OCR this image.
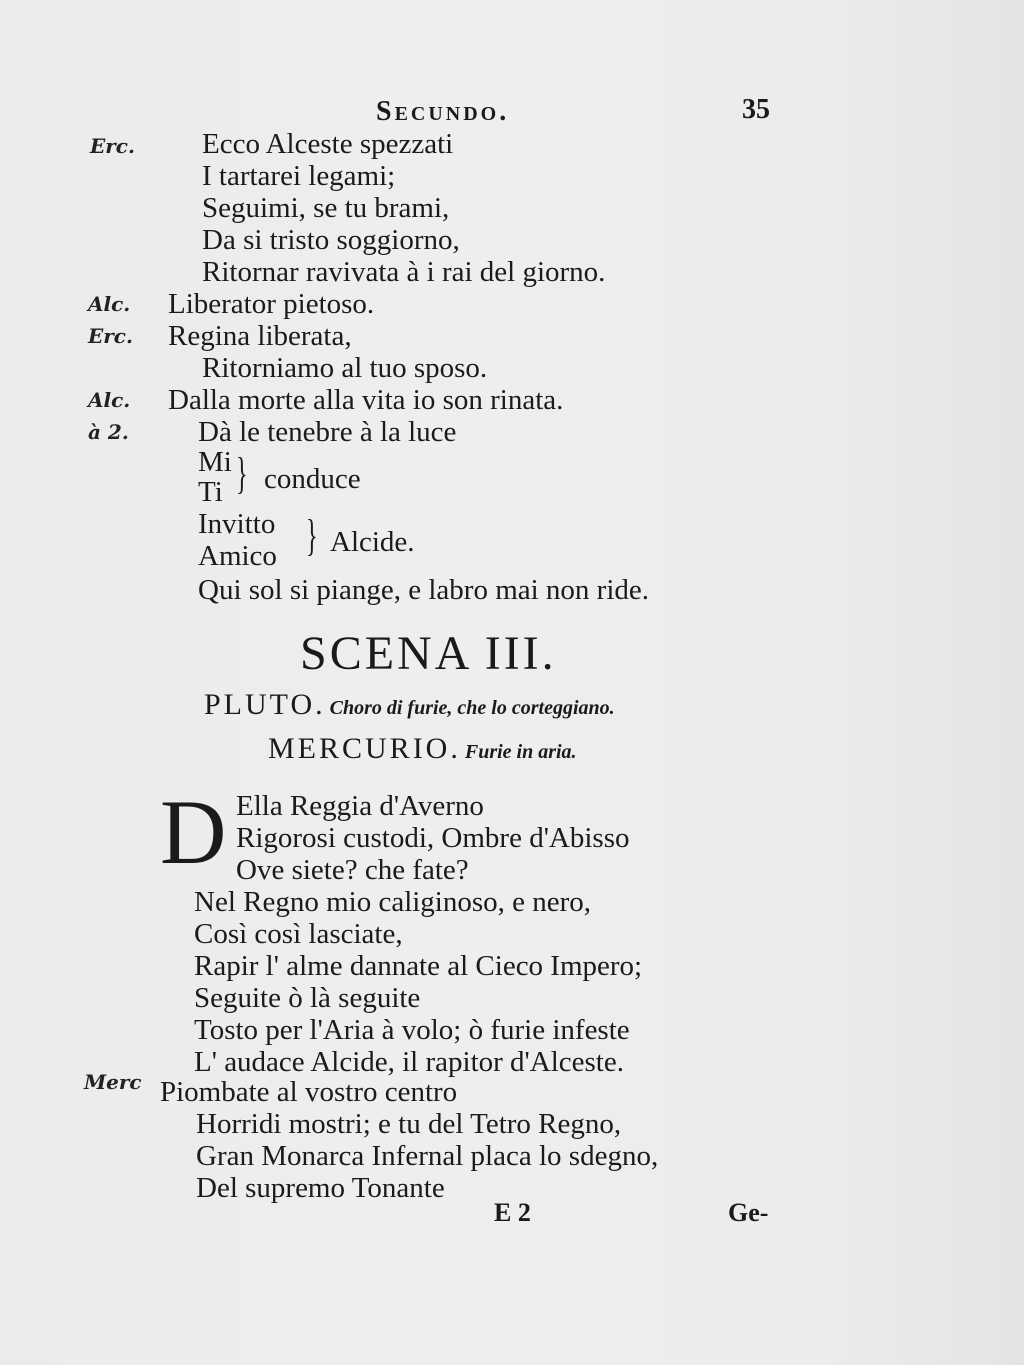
Secundo.	35
Erc. Ecco Alceste spezzati
I tartarei legami;
Seguimi, se tu brami,
Da si tristo soggiorno,
Ritornar ravivata à i rai del giorno.
Alc. Liberator pietoso.
Erc. Regina liberata,
Ritorniamo al tuo sposo.
Alc. Dalla morte alla vita io son rinata.
à 2. Dà le tenebre à la luce
Mi
Ti } conduce
Invitto
Amico } Alcide.
Qui sol si piange, e labro mai non ride.
SCENA III.
PLUTO. Choro di furie, che lo corteggiano.
MERCURIO. Furie in aria.
D Ella Reggia d'Averno
Rigorosi custodi, Ombre d'Abisso
Ove siete? che fate?
Nel Regno mio caliginoso, e nero,
Così così lasciate,
Rapir l' alme dannate al Cieco Impero;
Seguite ò là seguite
Tosto per l'Aria à volo; ò furie infeste
L' audace Alcide, il rapitor d'Alceste.
Merc Piombate al vostro centro
Horridi mostri; e tu del Tetro Regno,
Gran Monarca Infernal placa lo sdegno,
Del supremo Tonante
E 2	Ge-
